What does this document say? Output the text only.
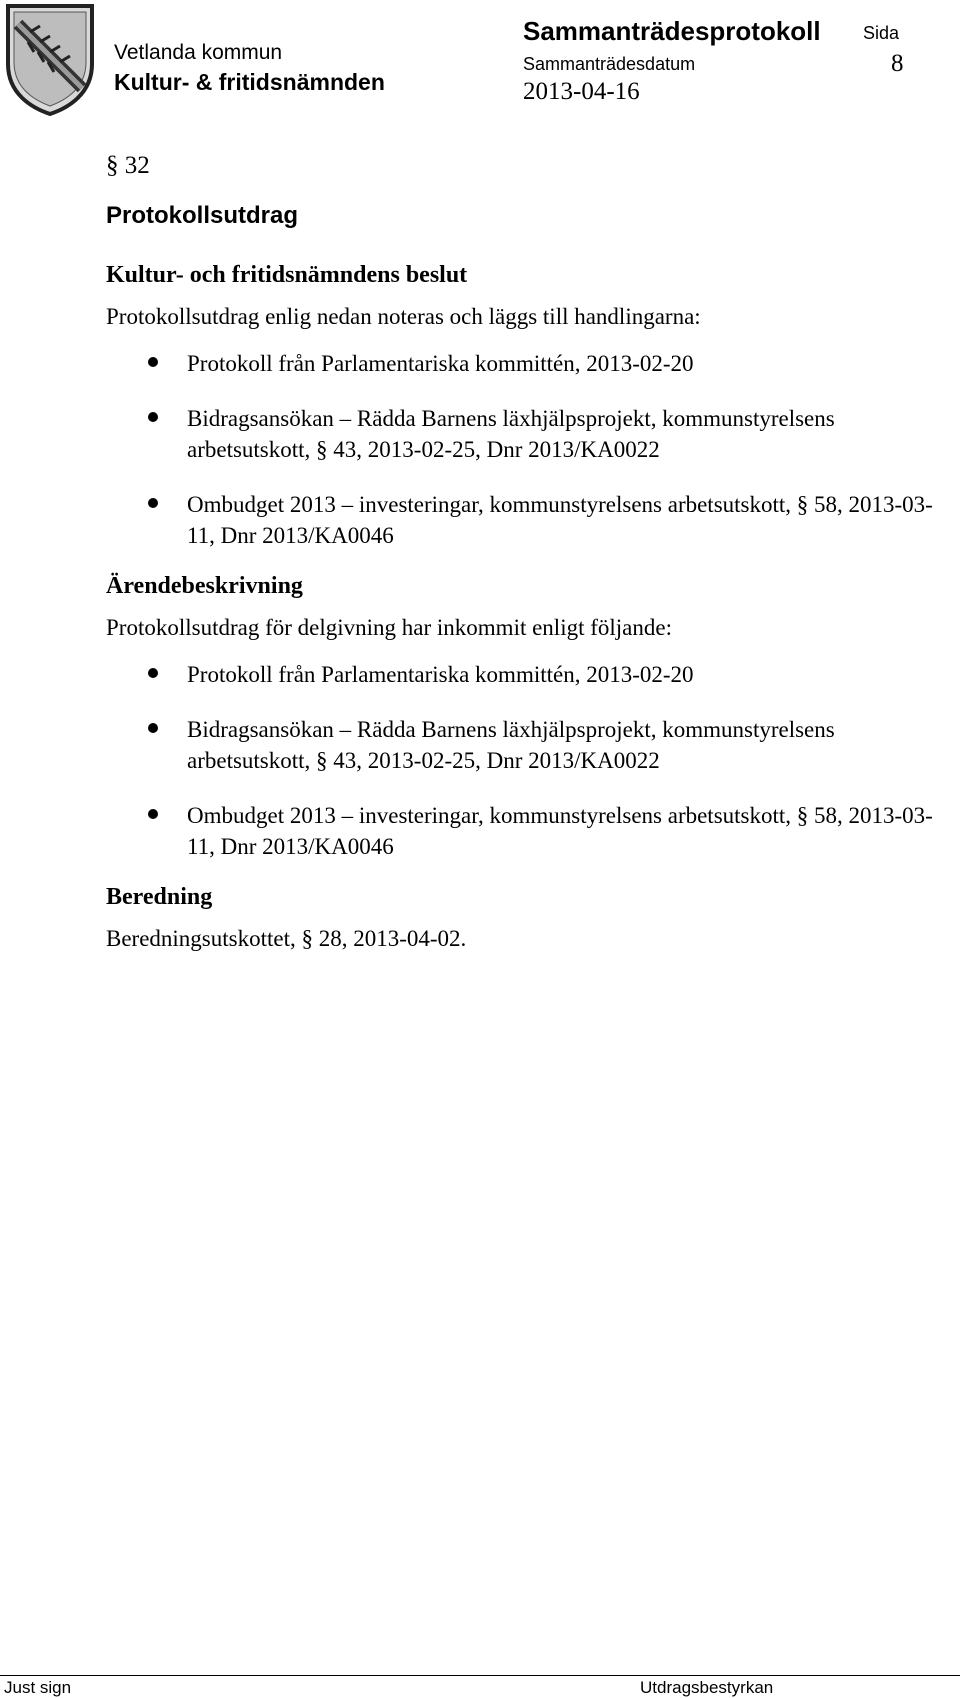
Vetlanda kommun
Kultur- & fritidsnämnden
Sammanträdesprotokoll Sida
8
Sammanträdesdatum
2013-04-16
§ 32
Protokollsutdrag
Kultur- och fritidsnämndens beslut
Protokollsutdrag enlig nedan noteras och läggs till handlingarna:
Protokoll från Parlamentariska kommittén, 2013-02-20
Bidragsansökan – Rädda Barnens läxhjälpsprojekt, kommunstyrelsens arbetsutskott, § 43, 2013-02-25, Dnr 2013/KA0022
Ombudget 2013 – investeringar, kommunstyrelsens arbetsutskott, § 58, 2013-03-11, Dnr 2013/KA0046
Ärendebeskrivning
Protokollsutdrag för delgivning har inkommit enligt följande:
Protokoll från Parlamentariska kommittén, 2013-02-20
Bidragsansökan – Rädda Barnens läxhjälpsprojekt, kommunstyrelsens arbetsutskott, § 43, 2013-02-25, Dnr 2013/KA0022
Ombudget 2013 – investeringar, kommunstyrelsens arbetsutskott, § 58, 2013-03-11, Dnr 2013/KA0046
Beredning
Beredningsutskottet, § 28, 2013-04-02.
Just sign	Utdragsbestyrkan
